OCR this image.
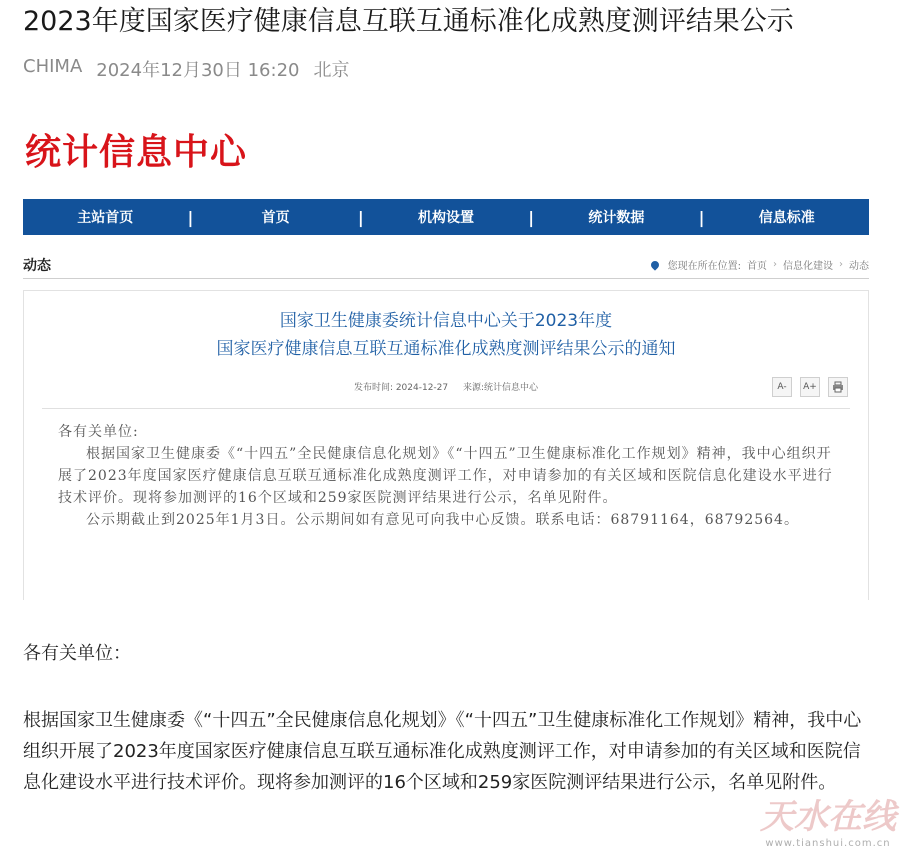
2023年度国家医疗健康信息互联互通标准化成熟度测评结果公示
CHIMA 2024年12月30日 16:20 北京
统计信息中心
主站首页	|	首页	|	机构设置	|	统计数据	|	信息标准
动态	您现在所在位置: 首页 › 信息化建设 › 动态
国家卫生健康委统计信息中心关于2023年度
国家医疗健康信息互联互通标准化成熟度测评结果公示的通知
发布时间: 2024-12-27 来源:统计信息中心	A-	A+

各有关单位:

根据国家卫生健康委《“十四五”全民健康信息化规划》《“十四五”卫生健康标准化工作规划》精神，我中心组织开展了2023年度国家医疗健康信息互联互通标准化成熟度测评工作，对申请参加的有关区域和医院信息化建设水平进行技术评价。现将参加测评的16个区域和259家医院测评结果进行公示，名单见附件。

公示期截止到2025年1月3日。公示期间如有意见可向我中心反馈。联系电话：68791164，68792564。

各有关单位：
根据国家卫生健康委《“十四五”全民健康信息化规划》《“十四五”卫生健康标准化工作规划》精神，我中心组织开展了2023年度国家医疗健康信息互联互通标准化成熟度测评工作，对申请参加的有关区域和医院信息化建设水平进行技术评价。现将参加测评的16个区域和259家医院测评结果进行公示，名单见附件。
天水在线
www.tianshui.com.cn
